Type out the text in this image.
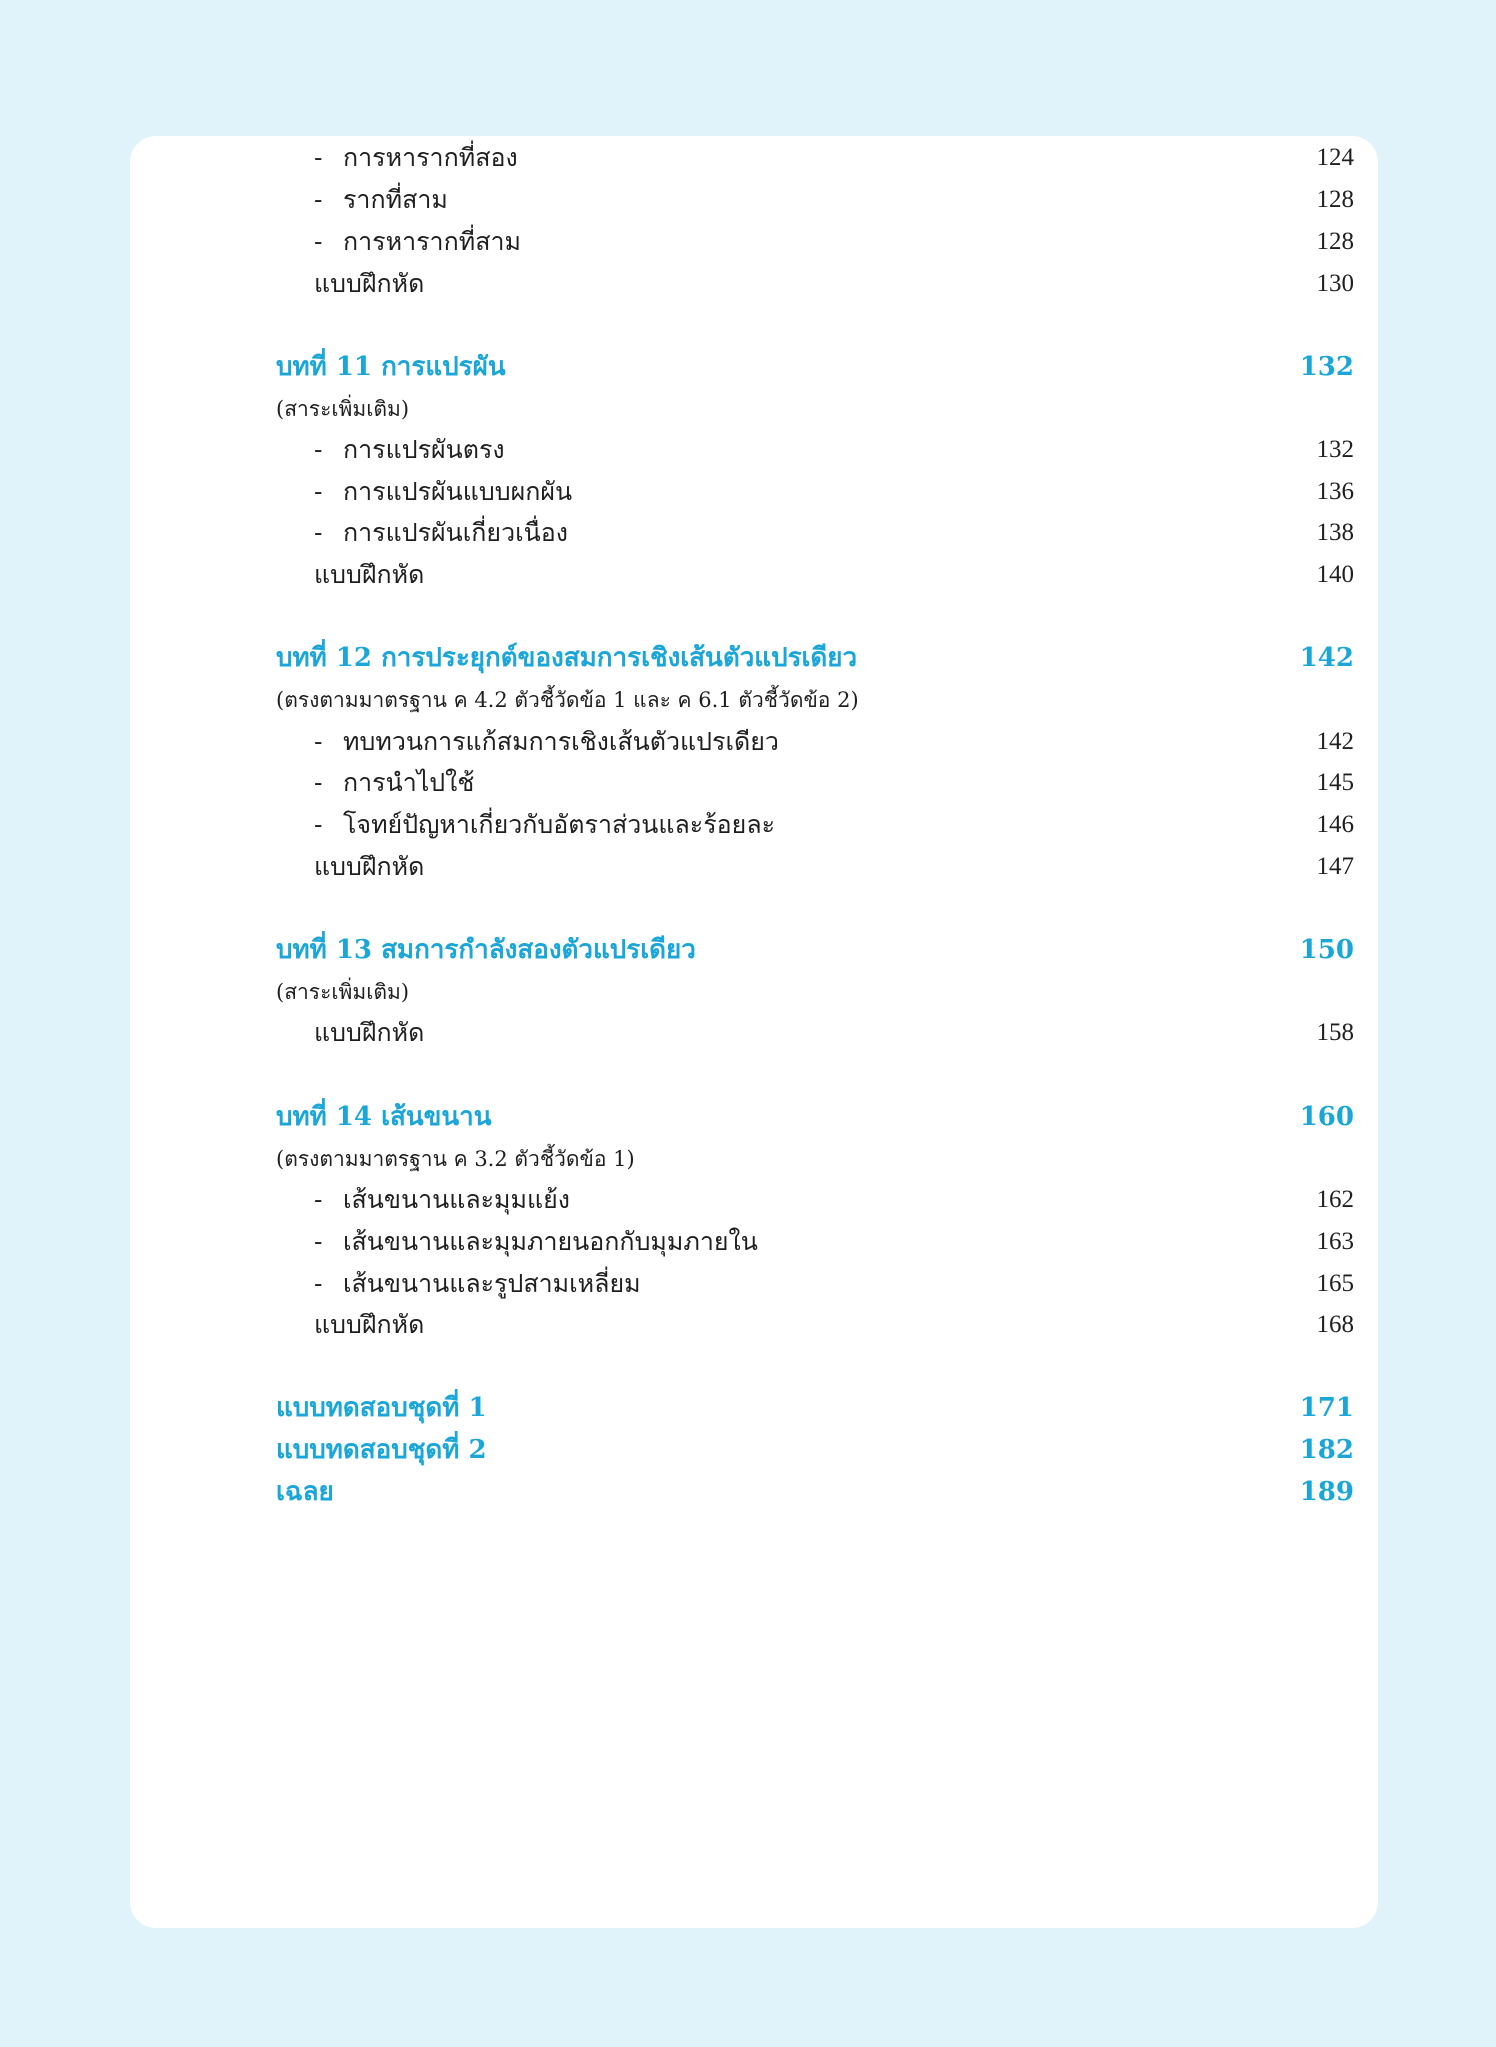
- การหารากที่สอง	124
- รากที่สาม	128
- การหารากที่สาม	128
แบบฝึกหัด	130
บทที่ 11 การแปรผัน	132
(สาระเพิ่มเติม)
- การแปรผันตรง	132
- การแปรผันแบบผกผัน	136
- การแปรผันเกี่ยวเนื่อง	138
แบบฝึกหัด	140
บทที่ 12 การประยุกต์ของสมการเชิงเส้นตัวแปรเดียว	142
(ตรงตามมาตรฐาน ค 4.2 ตัวชี้วัดข้อ 1 และ ค 6.1 ตัวชี้วัดข้อ 2)
- ทบทวนการแก้สมการเชิงเส้นตัวแปรเดียว	142
- การนำไปใช้	145
- โจทย์ปัญหาเกี่ยวกับอัตราส่วนและร้อยละ	146
แบบฝึกหัด	147
บทที่ 13 สมการกำลังสองตัวแปรเดียว	150
(สาระเพิ่มเติม)
แบบฝึกหัด	158
บทที่ 14 เส้นขนาน	160
(ตรงตามมาตรฐาน ค 3.2 ตัวชี้วัดข้อ 1)
- เส้นขนานและมุมแย้ง	162
- เส้นขนานและมุมภายนอกกับมุมภายใน	163
- เส้นขนานและรูปสามเหลี่ยม	165
แบบฝึกหัด	168
แบบทดสอบชุดที่ 1	171
แบบทดสอบชุดที่ 2	182
เฉลย	189
